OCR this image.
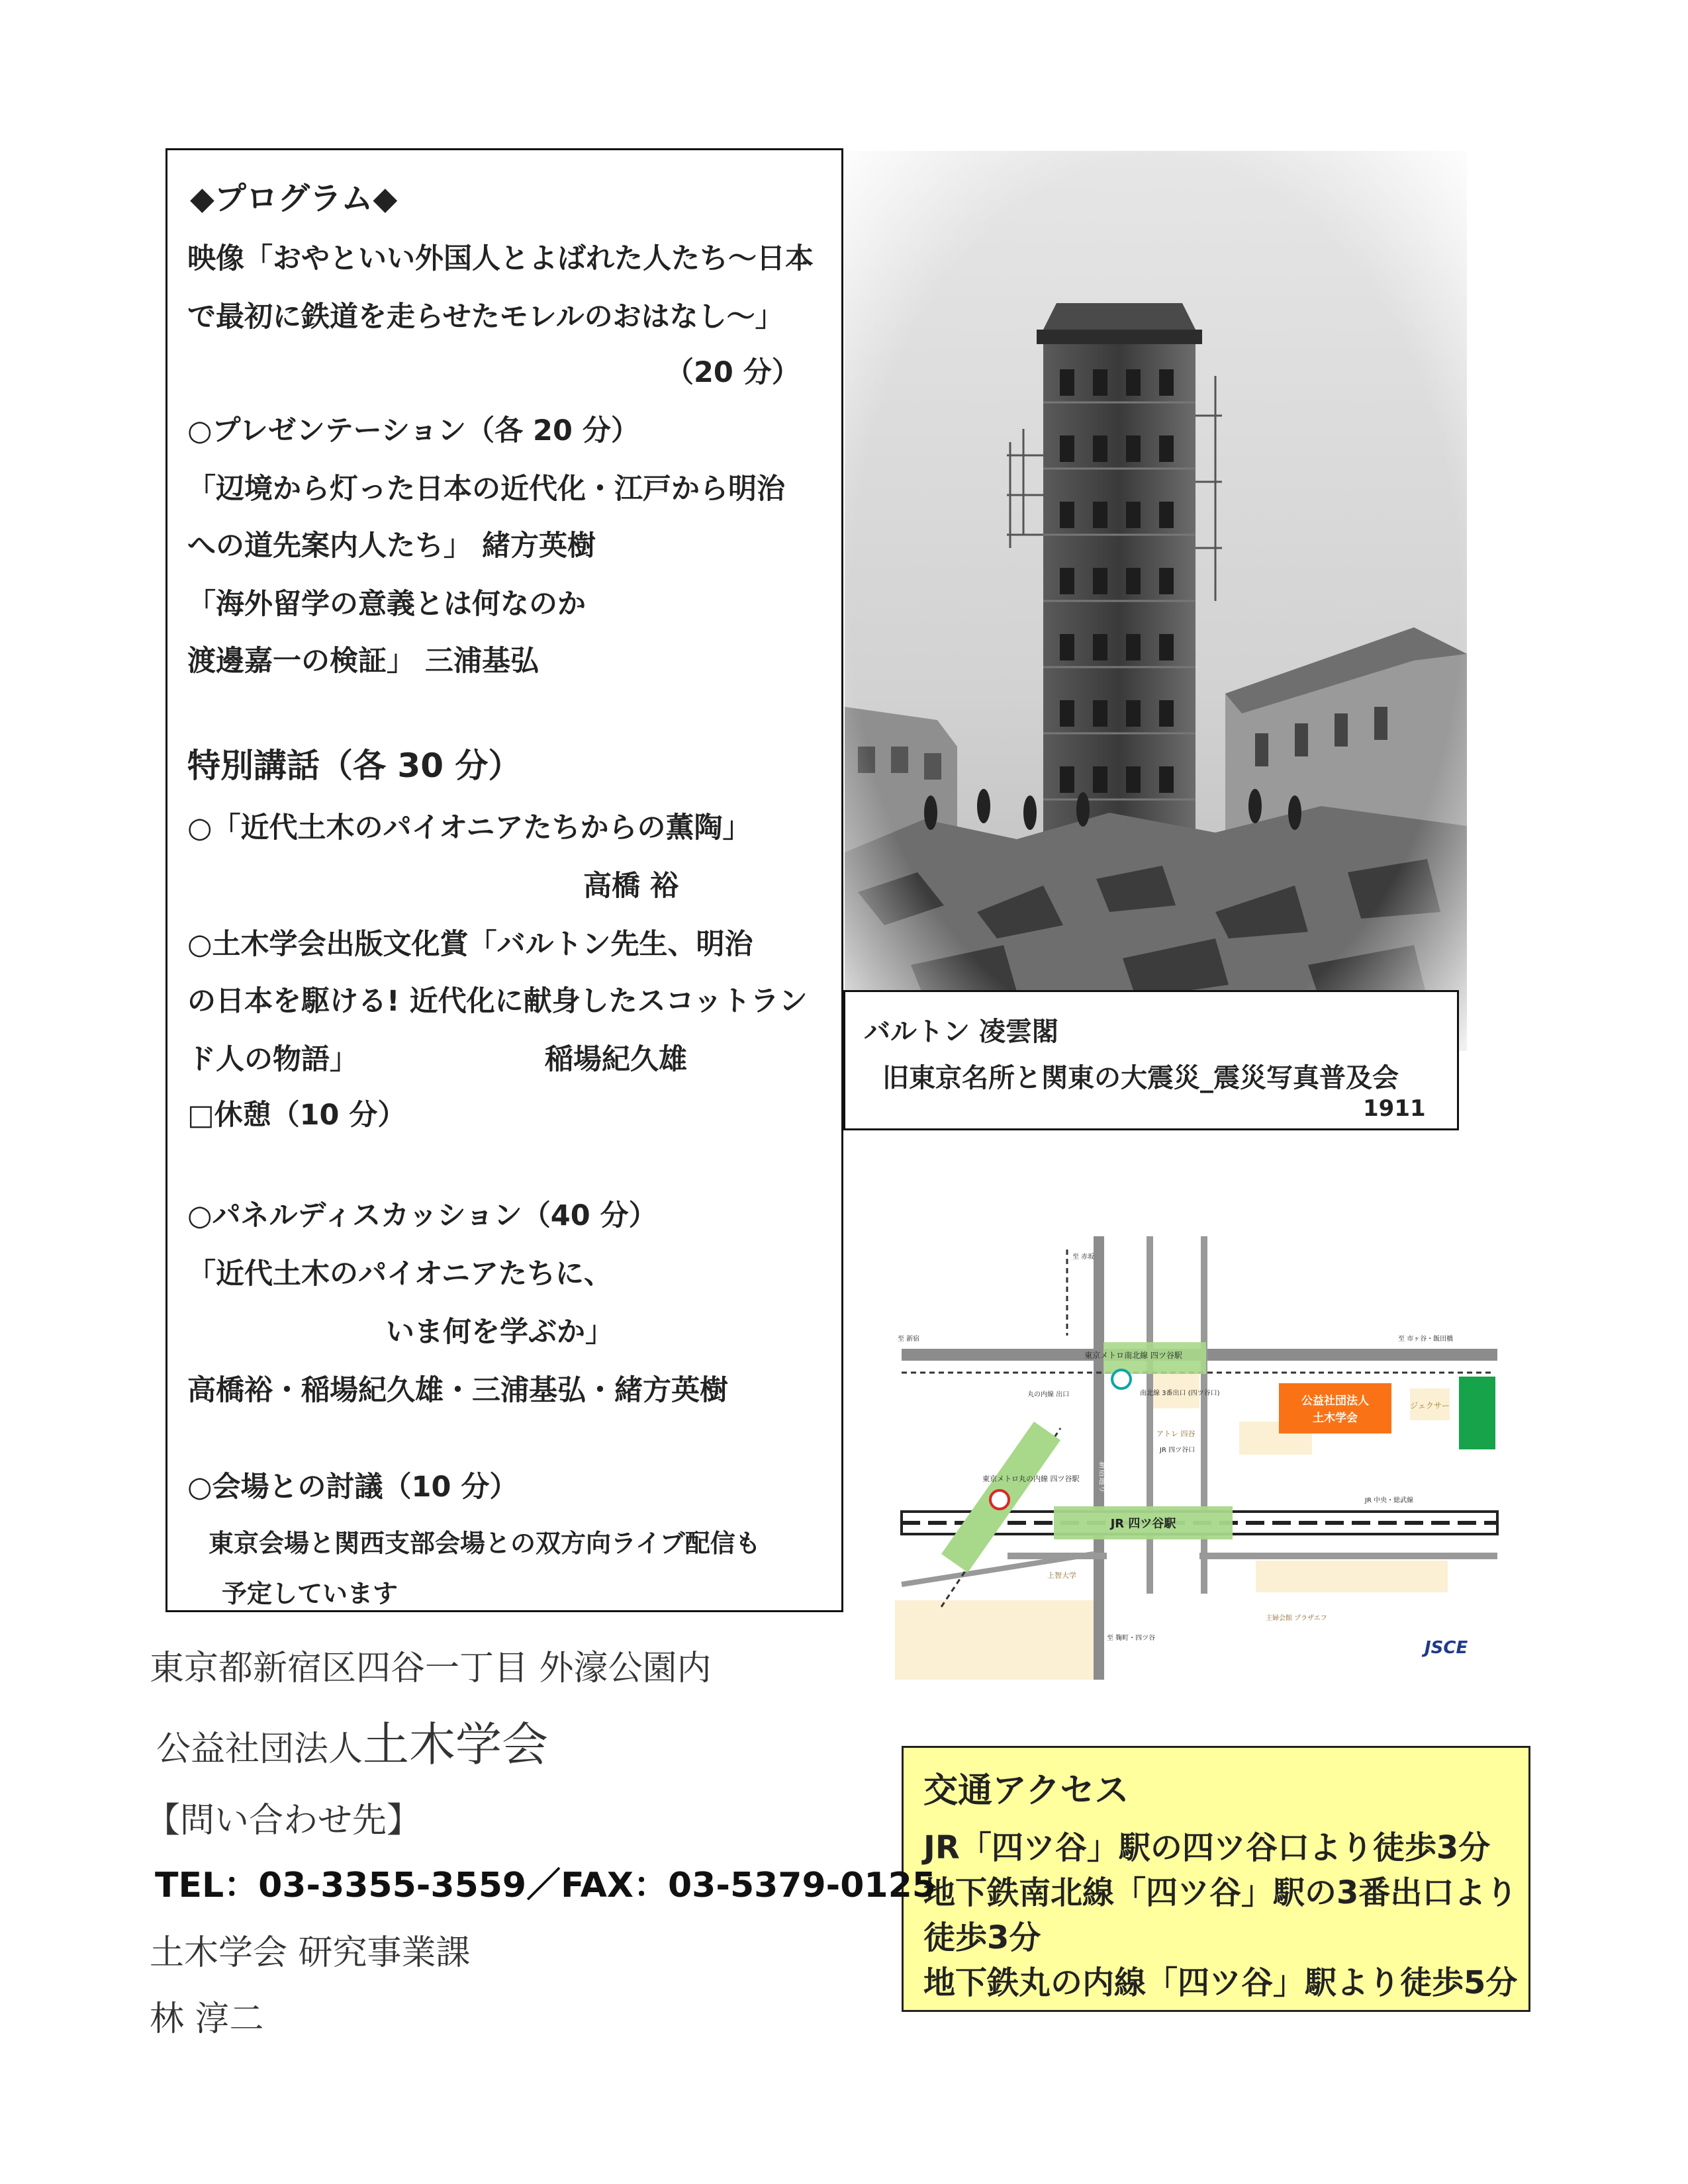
◆プログラム◆
映像「おやといい外国人とよばれた人たち～日本
で最初に鉄道を走らせたモレルのおはなし～」
（20 分）
○プレゼンテーション（各 20 分）
「辺境から灯った日本の近代化・江戸から明治
への道先案内人たち」 緒方英樹
「海外留学の意義とは何なのか
渡邊嘉一の検証」 三浦基弘
特別講話（各 30 分）
○「近代土木のパイオニアたちからの薫陶」
高橋 裕
○土木学会出版文化賞「バルトン先生、明治
の日本を駆ける! 近代化に献身したスコットラン
ド人の物語」	稲場紀久雄
□休憩（10 分）
○パネルディスカッション（40 分）
「近代土木のパイオニアたちに、
いま何を学ぶか」
高橋裕・稲場紀久雄・三浦基弘・緒方英樹
○会場との討議（10 分）
東京会場と関西支部会場との双方向ライブ配信も
予定しています
バルトン 凌雲閣
旧東京名所と関東の大震災_震災写真普及会
1911
公益社団法人
土木学会
ジェクサー
東京メトロ南北線 四ツ谷駅
JR 四ツ谷駅
東京メトロ丸の内線 四ツ谷駅
アトレ 四谷
外堀通り
新宿通り
南北線 3番出口 (四ツ谷口)
JR 四ツ谷口
丸の内線 出口
上智大学
主婦会館 プラザエフ
JR 中央・総武線
至 新宿
至 赤坂
至 市ヶ谷・飯田橋
至 麹町・四ツ谷	JSCE
交通アクセス
JR「四ツ谷」駅の四ツ谷口より徒歩3分
地下鉄南北線「四ツ谷」駅の3番出口より
徒歩3分
地下鉄丸の内線「四ツ谷」駅より徒歩5分
東京都新宿区四谷一丁目 外濠公園内
公益社団法人土木学会
【問い合わせ先】
TEL：03-3355-3559／FAX：03-5379-0125
土木学会 研究事業課
林 淳二
